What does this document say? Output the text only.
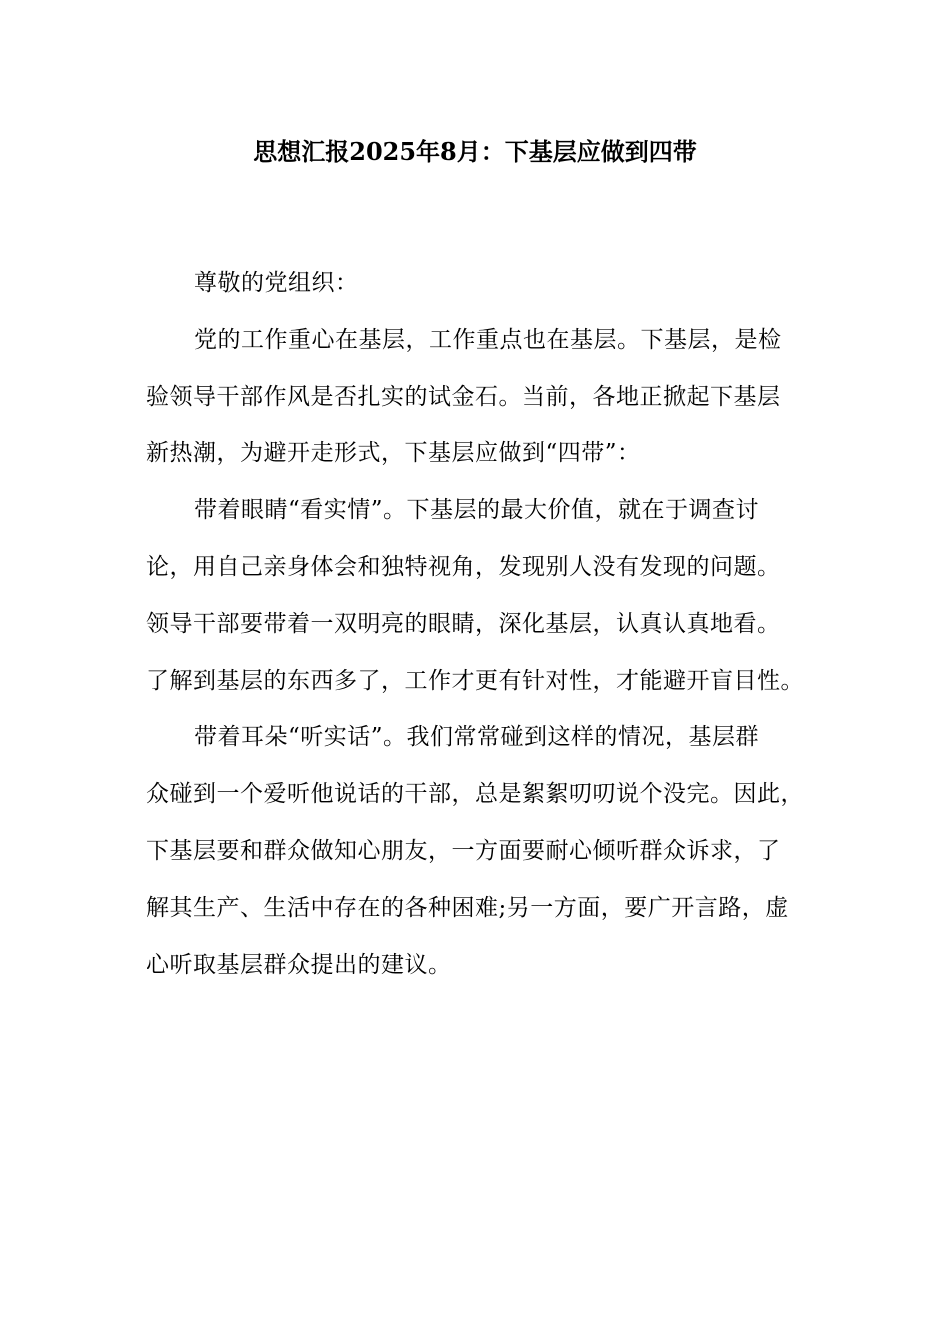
思想汇报2025年8月：下基层应做到四带

尊敬的党组织：

党的工作重心在基层，工作重点也在基层。下基层，是检
验领导干部作风是否扎实的试金石。当前，各地正掀起下基层
新热潮，为避开走形式，下基层应做到“四带”：

带着眼睛“看实情”。下基层的最大价值，就在于调查讨
论，用自己亲身体会和独特视角，发现别人没有发现的问题。
领导干部要带着一双明亮的眼睛，深化基层，认真认真地看。
了解到基层的东西多了，工作才更有针对性，才能避开盲目性。

带着耳朵“听实话”。我们常常碰到这样的情况，基层群
众碰到一个爱听他说话的干部，总是絮絮叨叨说个没完。因此，
下基层要和群众做知心朋友，一方面要耐心倾听群众诉求，了
解其生产、生活中存在的各种困难;另一方面，要广开言路，虚
心听取基层群众提出的建议。
